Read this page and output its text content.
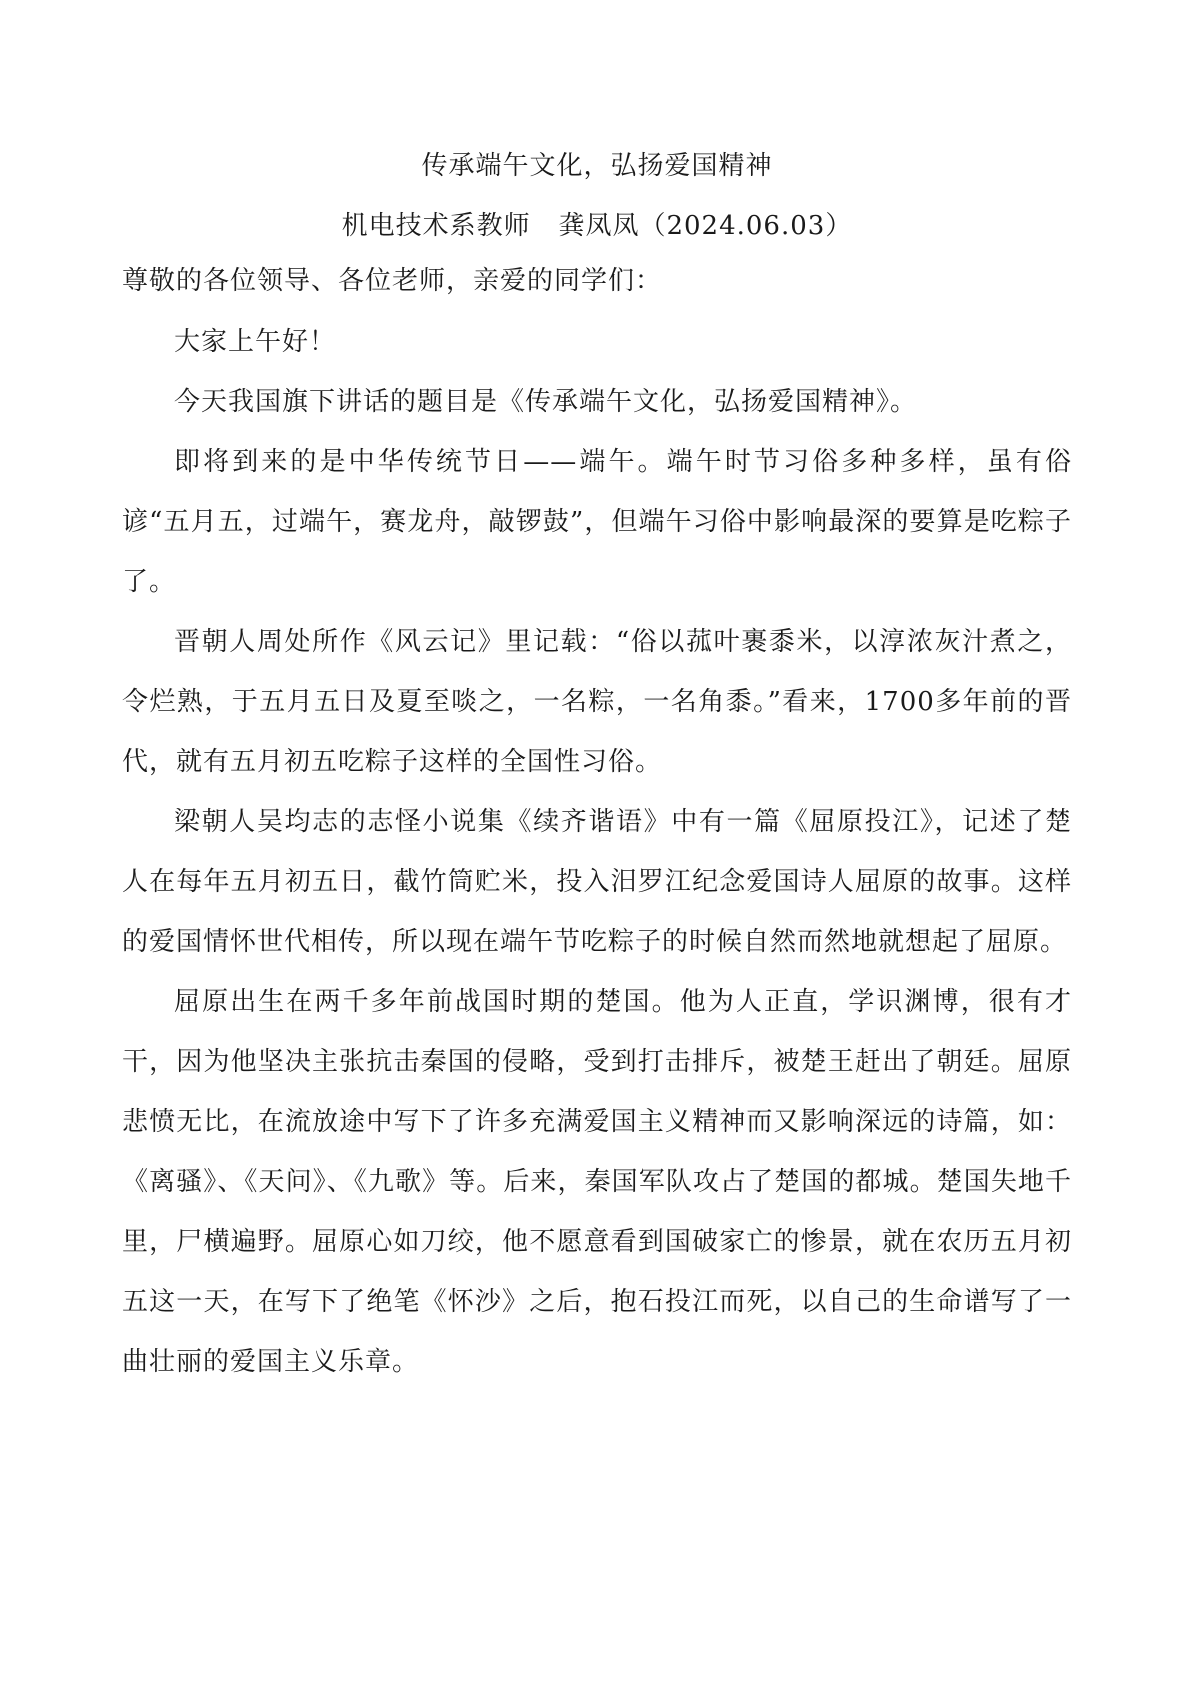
传承端午文化，弘扬爱国精神

机电技术系教师   龚凤凤（2024.06.03）

尊敬的各位领导、各位老师，亲爱的同学们：

大家上午好！

今天我国旗下讲话的题目是《传承端午文化，弘扬爱国精神》。

即将到来的是中华传统节日——端午。端午时节习俗多种多样，虽有俗谚“五月五，过端午，赛龙舟，敲锣鼓”，但端午习俗中影响最深的要算是吃粽子了。

晋朝人周处所作《风云记》里记载：“俗以菰叶裹黍米，以淳浓灰汁煮之，令烂熟，于五月五日及夏至啖之，一名粽，一名角黍。”看来，1700多年前的晋代，就有五月初五吃粽子这样的全国性习俗。

梁朝人吴均志的志怪小说集《续齐谐语》中有一篇《屈原投江》，记述了楚人在每年五月初五日，截竹筒贮米，投入汨罗江纪念爱国诗人屈原的故事。这样的爱国情怀世代相传，所以现在端午节吃粽子的时候自然而然地就想起了屈原。

屈原出生在两千多年前战国时期的楚国。他为人正直，学识渊博，很有才干，因为他坚决主张抗击秦国的侵略，受到打击排斥，被楚王赶出了朝廷。屈原悲愤无比，在流放途中写下了许多充满爱国主义精神而又影响深远的诗篇，如：《离骚》、《天问》、《九歌》等。后来，秦国军队攻占了楚国的都城。楚国失地千里，尸横遍野。屈原心如刀绞，他不愿意看到国破家亡的惨景，就在农历五月初五这一天，在写下了绝笔《怀沙》之后，抱石投江而死，以自己的生命谱写了一曲壮丽的爱国主义乐章。
